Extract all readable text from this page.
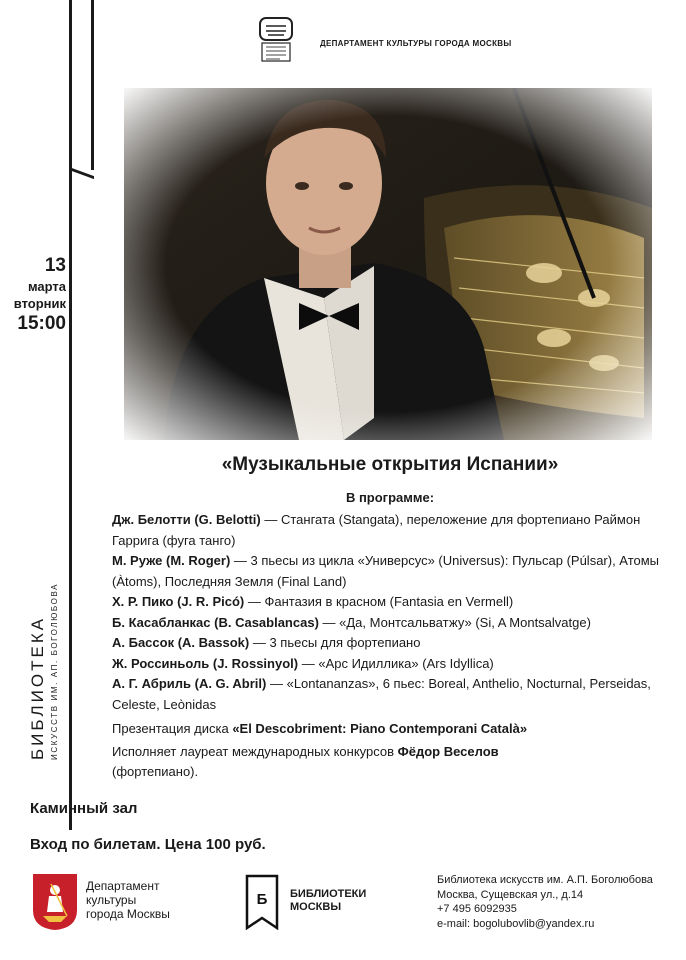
13
марта
вторник
15:00
БИБЛИОТЕКА ИСКУССТВ ИМ. АП. БОГОЛЮБОВА
ДЕПАРТАМЕНТ КУЛЬТУРЫ ГОРОДА МОСКВЫ
«Музыкальные открытия Испании»
В программе:

Дж. Белотти (G. Belotti) — Стангата (Stangata), переложение для фортепиано Раймон Гаррига (фуга танго)

М. Руже (M. Roger) — 3 пьесы из цикла «Универсус» (Universus): Пульсар (Púlsar), Атомы (Àtoms), Последняя Земля (Final Land)

Х. Р. Пико (J. R. Picó) — Фантазия в красном (Fantasia en Vermell)

Б. Касабланкас (B. Casablancas) — «Да, Монтсальватжу» (Si, A Montsalvatge)

А. Бассок (A. Bassok) — 3 пьесы для фортепиано

Ж. Россиньоль (J. Rossinyol) — «Арс Идиллика» (Ars Idyllica)

А. Г. Абриль (A. G. Abril) — «Lontananzas», 6 пьес: Boreal, Anthelio, Nocturnal, Perseidas, Celeste, Leònidas

Презентация диска «El Descobriment: Piano Contemporani Català»

Исполняет лауреат международных конкурсов Фёдор Веселов
(фортепиано).

Каминный зал
Вход по билетам. Цена 100 руб.
Департамент
культуры
города Москвы
Б БИБЛИОТЕКИ
МОСКВЫ
Библиотека искусств им. А.П. Боголюбова
Москва, Сущевская ул., д.14
+7 495 6092935
e-mail: bogolubovlib@yandex.ru
